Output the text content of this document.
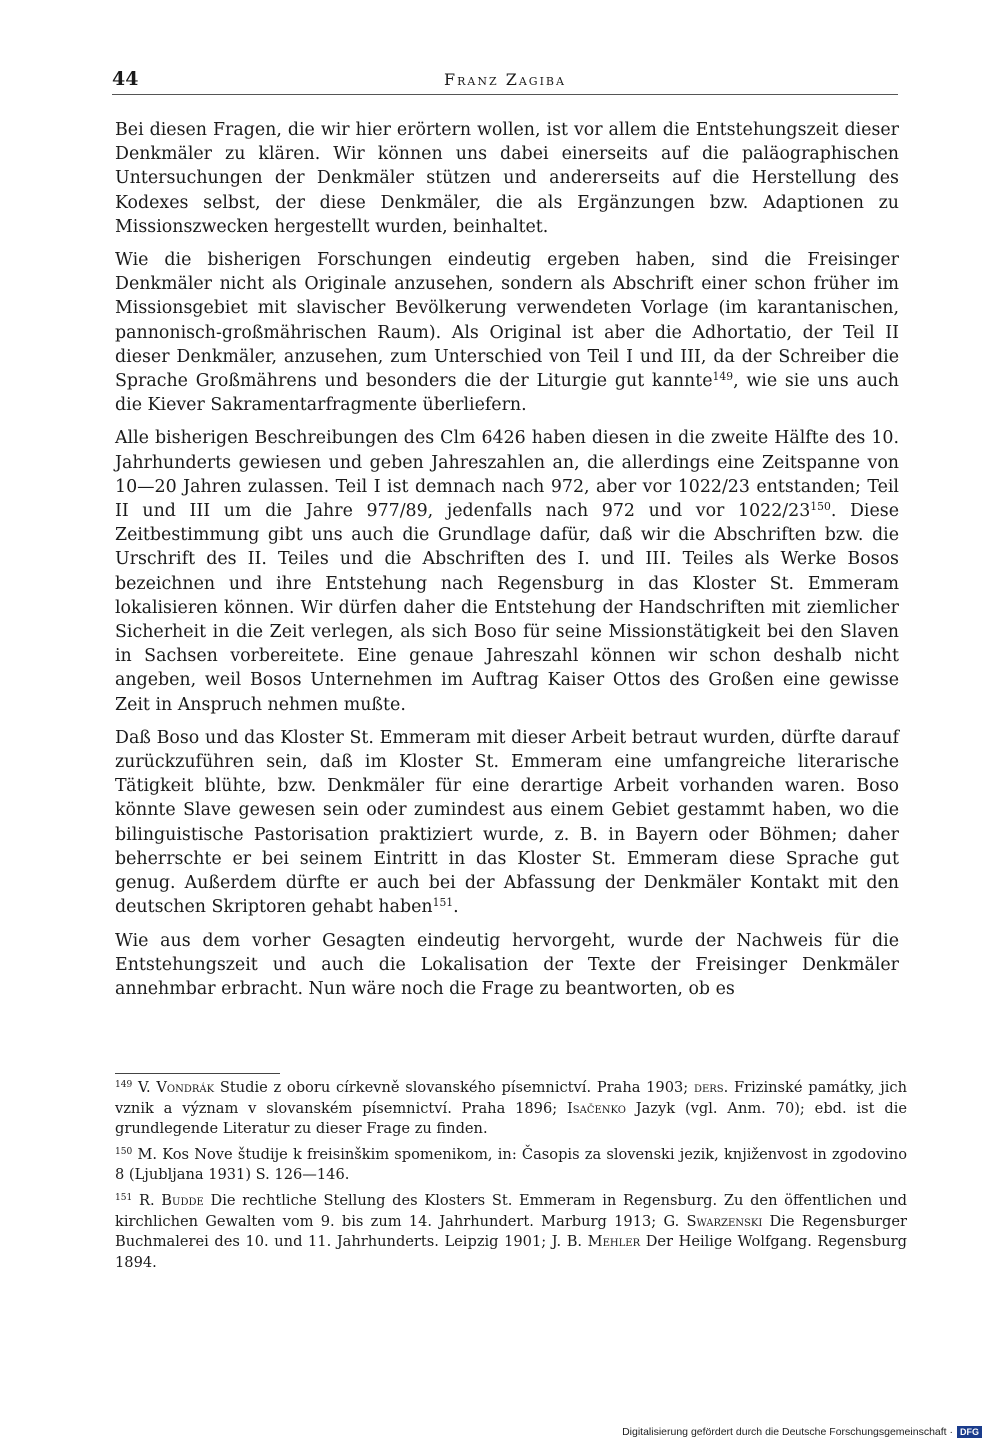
44	Franz Zagiba

Bei diesen Fragen, die wir hier erörtern wollen, ist vor allem die Entstehungszeit dieser Denkmäler zu klären. Wir können uns dabei einerseits auf die paläographischen Untersuchungen der Denkmäler stützen und andererseits auf die Herstellung des Kodexes selbst, der diese Denkmäler, die als Ergänzungen bzw. Adaptionen zu Missionszwecken hergestellt wurden, beinhaltet.

Wie die bisherigen Forschungen eindeutig ergeben haben, sind die Freisinger Denkmäler nicht als Originale anzusehen, sondern als Abschrift einer schon früher im Missionsgebiet mit slavischer Bevölkerung verwendeten Vorlage (im karantanischen, pannonisch-großmährischen Raum). Als Original ist aber die Adhortatio, der Teil II dieser Denkmäler, anzusehen, zum Unterschied von Teil I und III, da der Schreiber die Sprache Großmährens und besonders die der Liturgie gut kannte$^{149}$, wie sie uns auch die Kiever Sakramentarfragmente überliefern.

Alle bisherigen Beschreibungen des Clm 6426 haben diesen in die zweite Hälfte des 10. Jahrhunderts gewiesen und geben Jahreszahlen an, die allerdings eine Zeitspanne von 10—20 Jahren zulassen. Teil I ist demnach nach 972, aber vor 1022/23 entstanden; Teil II und III um die Jahre 977/89, jedenfalls nach 972 und vor $1022/23^{150}$. Diese Zeitbestimmung gibt uns auch die Grundlage dafür, daß wir die Abschriften bzw. die Urschrift des II. Teiles und die Abschriften des I. und III. Teiles als Werke Bosos bezeichnen und ihre Entstehung nach Regensburg in das Kloster St. Emmeram lokalisieren können. Wir dürfen daher die Entstehung der Handschriften mit ziemlicher Sicherheit in die Zeit verlegen, als sich Boso für seine Missionstätigkeit bei den Slaven in Sachsen vorbereitete. Eine genaue Jahreszahl können wir schon deshalb nicht angeben, weil Bosos Unternehmen im Auftrag Kaiser Ottos des Großen eine gewisse Zeit in Anspruch nehmen mußte.

Daß Boso und das Kloster St. Emmeram mit dieser Arbeit betraut wurden, dürfte darauf zurückzuführen sein, daß im Kloster St. Emmeram eine umfangreiche literarische Tätigkeit blühte, bzw. Denkmäler für eine derartige Arbeit vorhanden waren. Boso könnte Slave gewesen sein oder zumindest aus einem Gebiet gestammt haben, wo die bilinguistische Pastorisation praktiziert wurde, z. B. in Bayern oder Böhmen; daher beherrschte er bei seinem Eintritt in das Kloster St. Emmeram diese Sprache gut genug. Außerdem dürfte er auch bei der Abfassung der Denkmäler Kontakt mit den deutschen Skriptoren gehabt haben$^{151}$.

Wie aus dem vorher Gesagten eindeutig hervorgeht, wurde der Nachweis für die Entstehungszeit und auch die Lokalisation der Texte der Freisinger Denkmäler annehmbar erbracht. Nun wäre noch die Frage zu beantworten, ob es

$^{149}$ V. Vondrák Studie z oboru církevně slovanského písemnictví. Praha 1903; ders. Frizinské památky, jich vznik a význam v slovanském písemnictví. Praha 1896; Isačenko Jazyk (vgl. Anm. 70); ebd. ist die grundlegende Literatur zu dieser Frage zu finden.

$^{150}$ M. Kos Nove študije k freisinškim spomenikom, in: Časopis za slovenski jezik, knjiženvost in zgodovino 8 (Ljubljana 1931) S. 126—146.

$^{151}$ R. Budde Die rechtliche Stellung des Klosters St. Emmeram in Regensburg. Zu den öffentlichen und kirchlichen Gewalten vom 9. bis zum 14. Jahrhundert. Marburg 1913; G. Swarzenski Die Regensburger Buchmalerei des 10. und 11. Jahrhunderts. Leipzig 1901; J. B. Mehler Der Heilige Wolfgang. Regensburg 1894.

Digitalisierung gefördert durch die Deutsche Forschungsgemeinschaft · DFG
